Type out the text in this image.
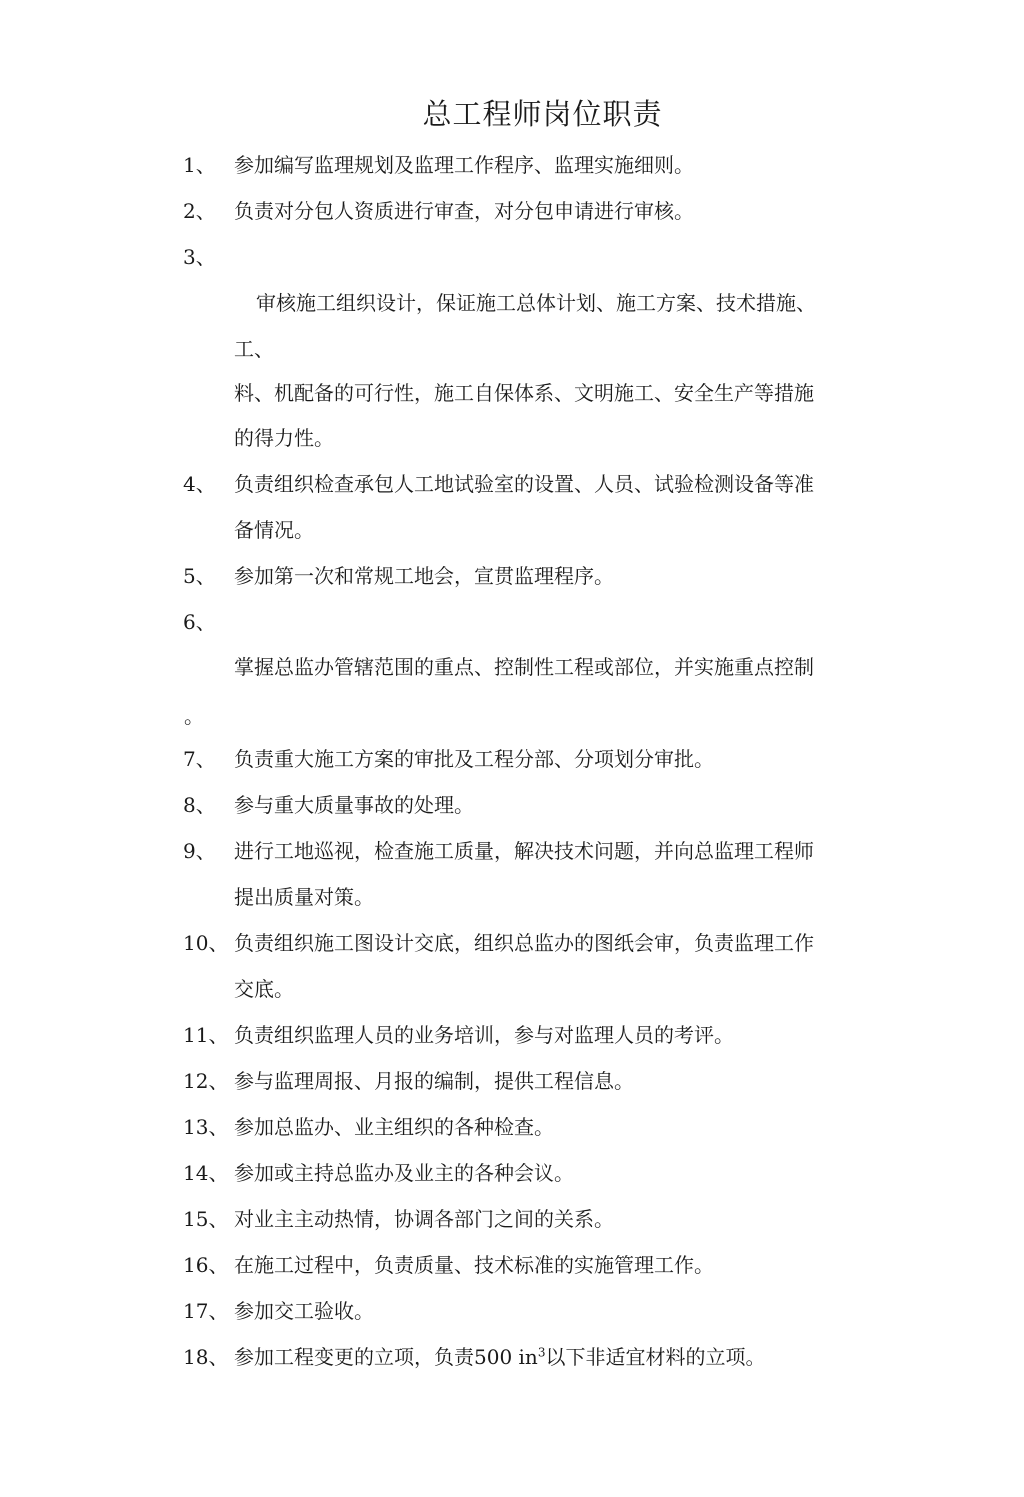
总工程师岗位职责
1、 参加编写监理规划及监理工作程序、监理实施细则。
2、 负责对分包人资质进行审查，对分包申请进行审核。
3、
审核施工组织设计，保证施工总体计划、施工方案、技术措施、
工、
料、机配备的可行性，施工自保体系、文明施工、安全生产等措施
的得力性。
4、 负责组织检查承包人工地试验室的设置、人员、试验检测设备等准
备情况。
5、 参加第一次和常规工地会，宣贯监理程序。
6、
掌握总监办管辖范围的重点、控制性工程或部位，并实施重点控制
。
7、 负责重大施工方案的审批及工程分部、分项划分审批。
8、 参与重大质量事故的处理。
9、 进行工地巡视，检查施工质量，解决技术问题，并向总监理工程师
提出质量对策。
10、 负责组织施工图设计交底，组织总监办的图纸会审，负责监理工作
交底。
11、 负责组织监理人员的业务培训，参与对监理人员的考评。
12、 参与监理周报、月报的编制，提供工程信息。
13、 参加总监办、业主组织的各种检查。
14、 参加或主持总监办及业主的各种会议。
15、 对业主主动热情，协调各部门之间的关系。
16、 在施工过程中，负责质量、技术标准的实施管理工作。
17、 参加交工验收。
18、 参加工程变更的立项，负责500 $in^3$以下非适宜材料的立项。
